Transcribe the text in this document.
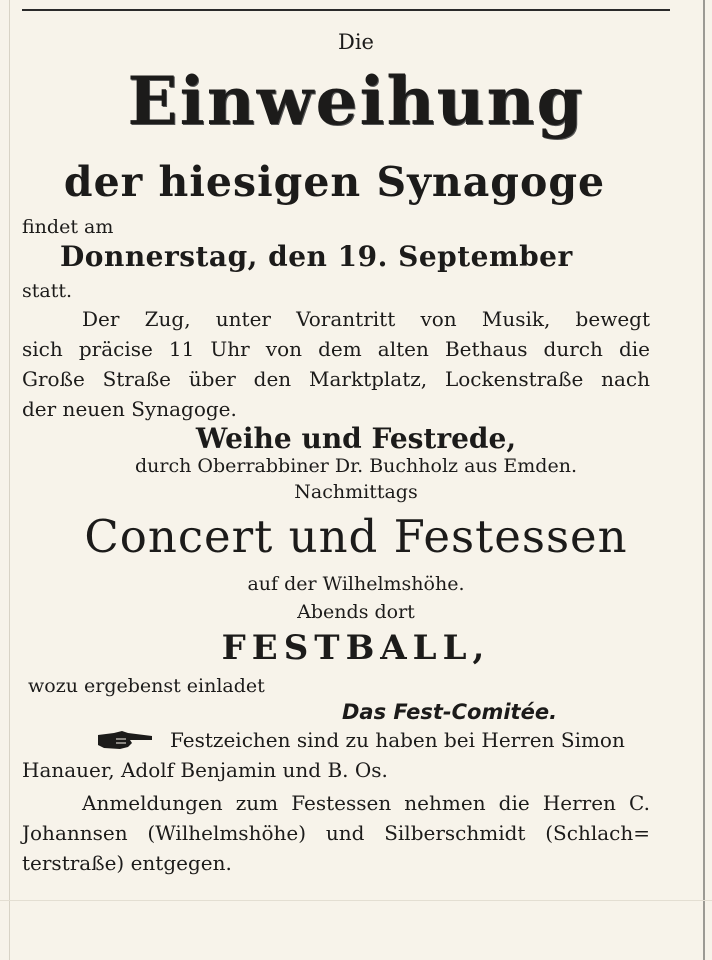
Die
Einweihung
der hiesigen Synagoge
findet am
Donnerstag, den 19. September
statt.
Der Zug, unter Vorantritt von Musik, bewegt
sich präcise 11 Uhr von dem alten Bethaus durch die
Große Straße über den Marktplatz, Lockenstraße nach
der neuen Synagoge.
Weihe und Festrede,
durch Oberrabbiner Dr. Buchholz aus Emden.
Nachmittags
Concert und Festessen
auf der Wilhelmshöhe.
Abends dort
FESTBALL,
wozu ergebenst einladet
Das Fest-Comitée.
Festzeichen sind zu haben bei Herren Simon
Hanauer, Adolf Benjamin und B. Os.
Anmeldungen zum Festessen nehmen die Herren C.
Johannsen (Wilhelmshöhe) und Silberschmidt (Schlach=
terstraße) entgegen.
